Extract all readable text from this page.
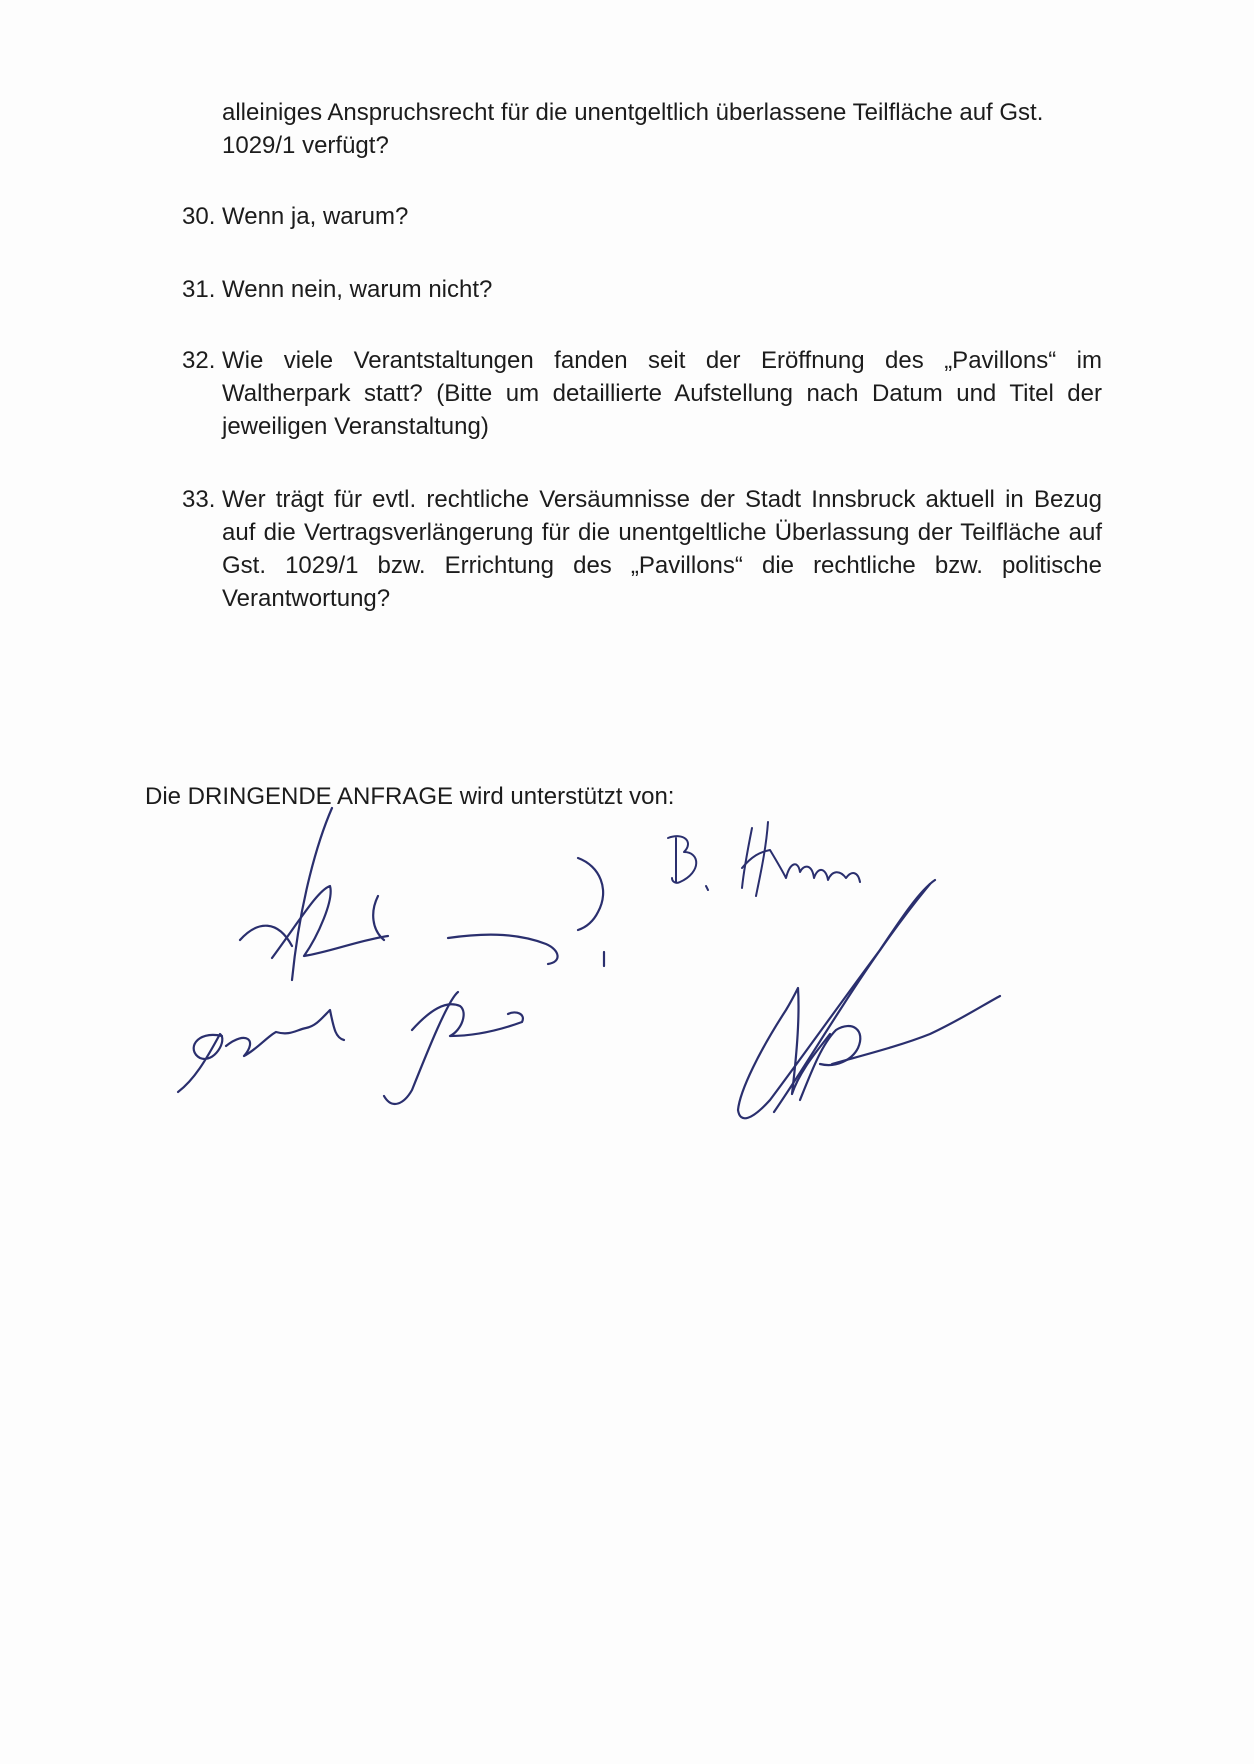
alleiniges Anspruchsrecht für die unentgeltlich überlassene Teilfläche auf Gst. 1029/1 verfügt?

30. Wenn ja, warum?
31. Wenn nein, warum nicht?
32. Wie viele Verantstaltungen fanden seit der Eröffnung des „Pavillons“ im Waltherpark statt? (Bitte um detaillierte Aufstellung nach Datum und Titel der jeweiligen Veranstaltung)
33. Wer trägt für evtl. rechtliche Versäumnisse der Stadt Innsbruck aktuell in Bezug auf die Vertragsverlängerung für die unentgeltliche Überlassung der Teilfläche auf Gst. 1029/1 bzw. Errichtung des „Pavillons“ die rechtliche bzw. politische Verantwortung?

Die DRINGENDE ANFRAGE wird unterstützt von:
